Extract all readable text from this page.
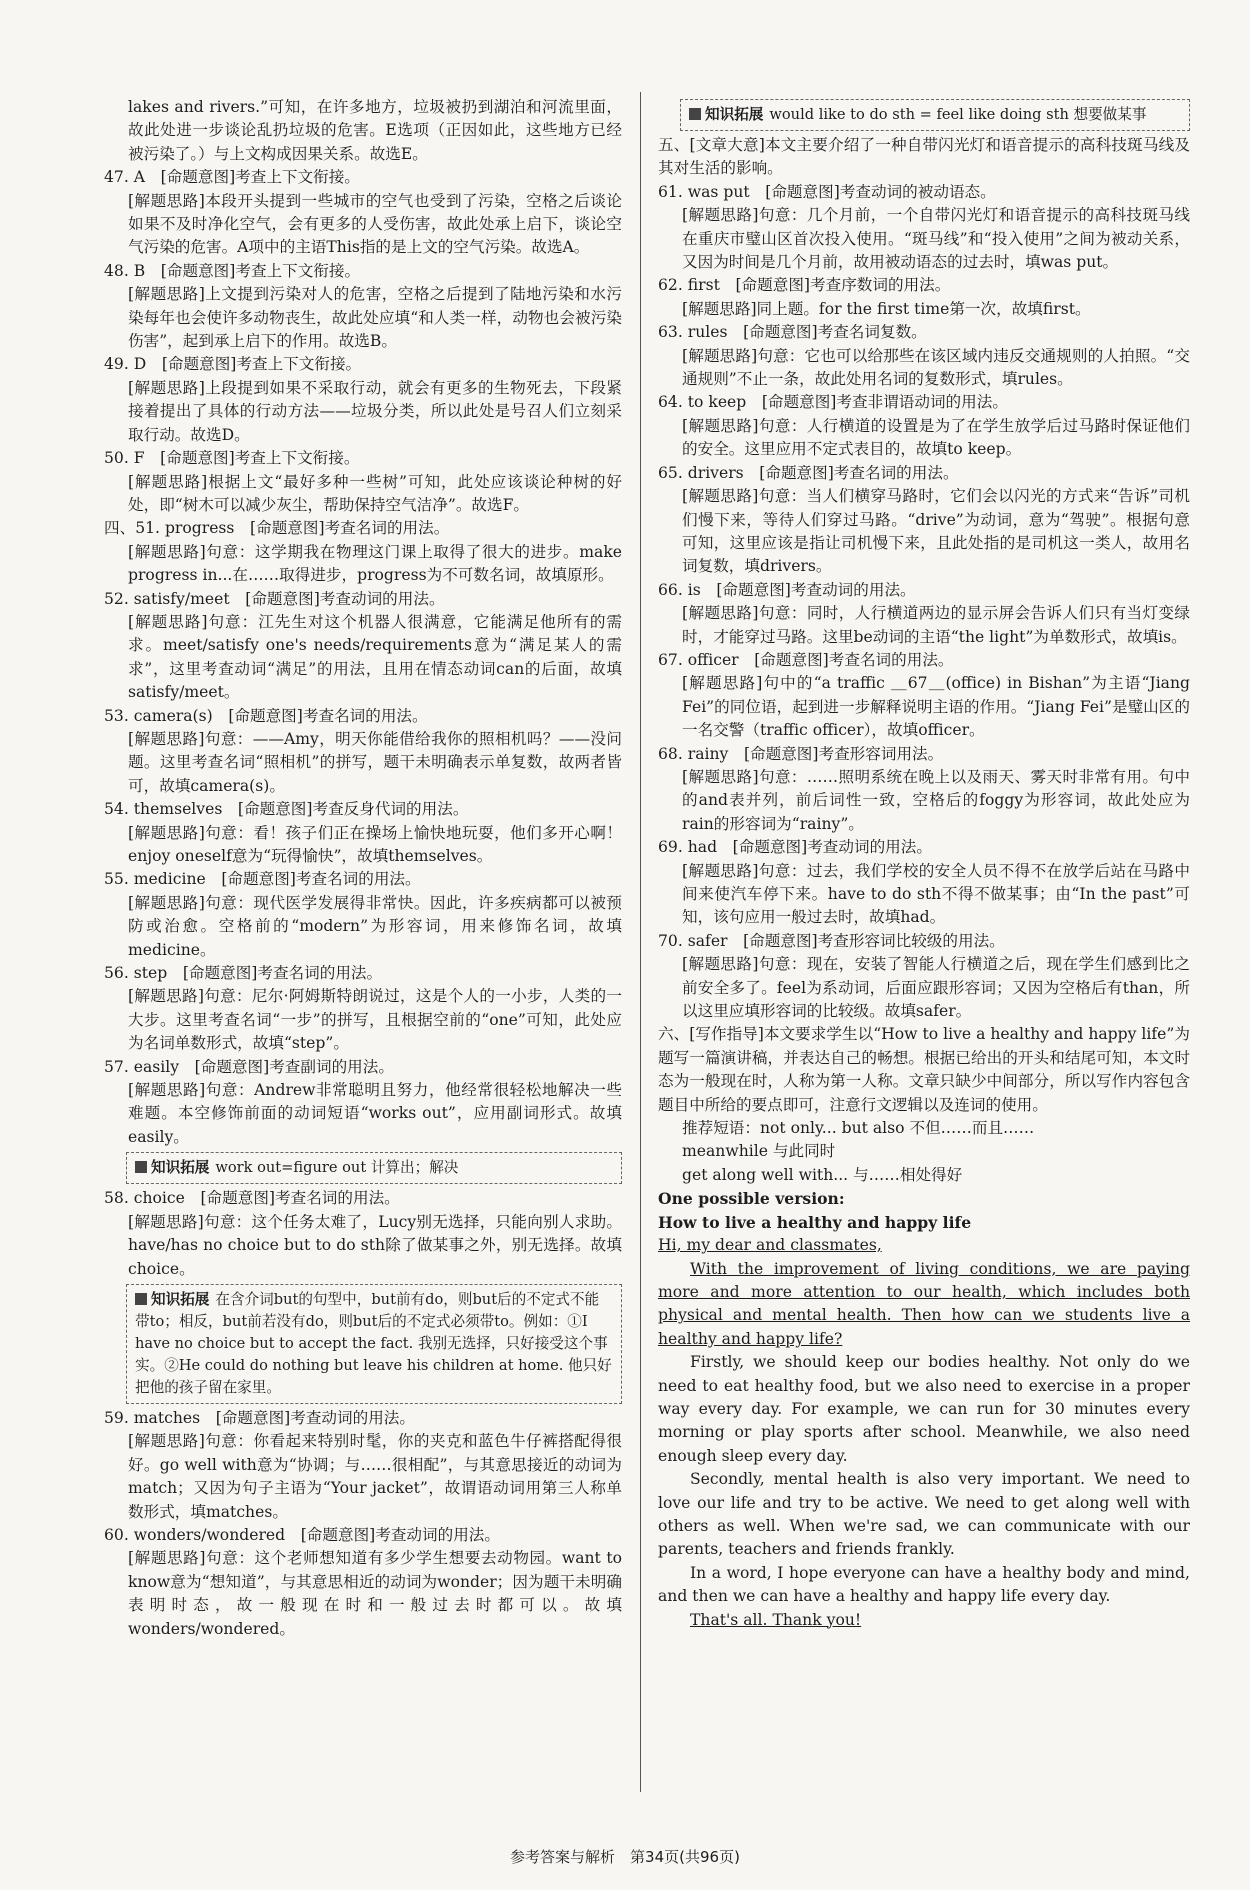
lakes and rivers.”可知，在许多地方，垃圾被扔到湖泊和河流里面，故此处进一步谈论乱扔垃圾的危害。E选项（正因如此，这些地方已经被污染了。）与上文构成因果关系。故选E。

47. A　[命题意图]考查上下文衔接。

[解题思路]本段开头提到一些城市的空气也受到了污染，空格之后谈论如果不及时净化空气，会有更多的人受伤害，故此处承上启下，谈论空气污染的危害。A项中的主语This指的是上文的空气污染。故选A。

48. B　[命题意图]考查上下文衔接。

[解题思路]上文提到污染对人的危害，空格之后提到了陆地污染和水污染每年也会使许多动物丧生，故此处应填“和人类一样，动物也会被污染伤害”，起到承上启下的作用。故选B。

49. D　[命题意图]考查上下文衔接。

[解题思路]上段提到如果不采取行动，就会有更多的生物死去，下段紧接着提出了具体的行动方法——垃圾分类，所以此处是号召人们立刻采取行动。故选D。

50. F　[命题意图]考查上下文衔接。

[解题思路]根据上文“最好多种一些树”可知，此处应该谈论种树的好处，即“树木可以减少灰尘，帮助保持空气洁净”。故选F。

四、51. progress　[命题意图]考查名词的用法。

[解题思路]句意：这学期我在物理这门课上取得了很大的进步。make progress in...在……取得进步，progress为不可数名词，故填原形。

52. satisfy/meet　[命题意图]考查动词的用法。

[解题思路]句意：江先生对这个机器人很满意，它能满足他所有的需求。meet/satisfy one's needs/requirements意为“满足某人的需求”，这里考查动词“满足”的用法，且用在情态动词can的后面，故填satisfy/meet。

53. camera(s)　[命题意图]考查名词的用法。

[解题思路]句意：——Amy，明天你能借给我你的照相机吗？——没问题。这里考查名词“照相机”的拼写，题干未明确表示单复数，故两者皆可，故填camera(s)。

54. themselves　[命题意图]考查反身代词的用法。

[解题思路]句意：看！孩子们正在操场上愉快地玩耍，他们多开心啊！enjoy oneself意为“玩得愉快”，故填themselves。

55. medicine　[命题意图]考查名词的用法。

[解题思路]句意：现代医学发展得非常快。因此，许多疾病都可以被预防或治愈。空格前的“modern”为形容词，用来修饰名词，故填medicine。

56. step　[命题意图]考查名词的用法。

[解题思路]句意：尼尔·阿姆斯特朗说过，这是个人的一小步，人类的一大步。这里考查名词“一步”的拼写，且根据空前的“one”可知，此处应为名词单数形式，故填“step”。

57. easily　[命题意图]考查副词的用法。

[解题思路]句意：Andrew非常聪明且努力，他经常很轻松地解决一些难题。本空修饰前面的动词短语“works out”，应用副词形式。故填easily。

知识拓展 work out=figure out 计算出；解决

58. choice　[命题意图]考查名词的用法。

[解题思路]句意：这个任务太难了，Lucy别无选择，只能向别人求助。have/has no choice but to do sth除了做某事之外，别无选择。故填choice。

知识拓展 在含介词but的句型中，but前有do，则but后的不定式不能带to；相反，but前若没有do，则but后的不定式必须带to。例如：①I have no choice but to accept the fact. 我别无选择，只好接受这个事实。②He could do nothing but leave his children at home. 他只好把他的孩子留在家里。

59. matches　[命题意图]考查动词的用法。

[解题思路]句意：你看起来特别时髦，你的夹克和蓝色牛仔裤搭配得很好。go well with意为“协调；与……很相配”，与其意思接近的动词为match；又因为句子主语为“Your jacket”，故谓语动词用第三人称单数形式，填matches。

60. wonders/wondered　[命题意图]考查动词的用法。

[解题思路]句意：这个老师想知道有多少学生想要去动物园。want to know意为“想知道”，与其意思相近的动词为wonder；因为题干未明确表明时态，故一般现在时和一般过去时都可以。故填wonders/wondered。

知识拓展 would like to do sth = feel like doing sth 想要做某事

五、[文章大意]本文主要介绍了一种自带闪光灯和语音提示的高科技斑马线及其对生活的影响。

61. was put　[命题意图]考查动词的被动语态。

[解题思路]句意：几个月前，一个自带闪光灯和语音提示的高科技斑马线在重庆市璧山区首次投入使用。“斑马线”和“投入使用”之间为被动关系，又因为时间是几个月前，故用被动语态的过去时，填was put。

62. first　[命题意图]考查序数词的用法。

[解题思路]同上题。for the first time第一次，故填first。

63. rules　[命题意图]考查名词复数。

[解题思路]句意：它也可以给那些在该区域内违反交通规则的人拍照。“交通规则”不止一条，故此处用名词的复数形式，填rules。

64. to keep　[命题意图]考查非谓语动词的用法。

[解题思路]句意：人行横道的设置是为了在学生放学后过马路时保证他们的安全。这里应用不定式表目的，故填to keep。

65. drivers　[命题意图]考查名词的用法。

[解题思路]句意：当人们横穿马路时，它们会以闪光的方式来“告诉”司机们慢下来，等待人们穿过马路。“drive”为动词，意为“驾驶”。根据句意可知，这里应该是指让司机慢下来，且此处指的是司机这一类人，故用名词复数，填drivers。

66. is　[命题意图]考查动词的用法。

[解题思路]句意：同时，人行横道两边的显示屏会告诉人们只有当灯变绿时，才能穿过马路。这里be动词的主语“the light”为单数形式，故填is。

67. officer　[命题意图]考查名词的用法。

[解题思路]句中的“a traffic ＿67＿(office) in Bishan”为主语“Jiang Fei”的同位语，起到进一步解释说明主语的作用。“Jiang Fei”是璧山区的一名交警（traffic officer），故填officer。

68. rainy　[命题意图]考查形容词用法。

[解题思路]句意：……照明系统在晚上以及雨天、雾天时非常有用。句中的and表并列，前后词性一致，空格后的foggy为形容词，故此处应为rain的形容词为“rainy”。

69. had　[命题意图]考查动词的用法。

[解题思路]句意：过去，我们学校的安全人员不得不在放学后站在马路中间来使汽车停下来。have to do sth不得不做某事；由“In the past”可知，该句应用一般过去时，故填had。

70. safer　[命题意图]考查形容词比较级的用法。

[解题思路]句意：现在，安装了智能人行横道之后，现在学生们感到比之前安全多了。feel为系动词，后面应跟形容词；又因为空格后有than，所以这里应填形容词的比较级。故填safer。

六、[写作指导]本文要求学生以“How to live a healthy and happy life”为题写一篇演讲稿，并表达自己的畅想。根据已给出的开头和结尾可知，本文时态为一般现在时，人称为第一人称。文章只缺少中间部分，所以写作内容包含题目中所给的要点即可，注意行文逻辑以及连词的使用。

推荐短语：not only... but also 不但……而且……

meanwhile 与此同时

get along well with... 与……相处得好

One possible version:

How to live a healthy and happy life

Hi, my dear and classmates,

With the improvement of living conditions, we are paying more and more attention to our health, which includes both physical and mental health. Then how can we students live a healthy and happy life?

Firstly, we should keep our bodies healthy. Not only do we need to eat healthy food, but we also need to exercise in a proper way every day. For example, we can run for 30 minutes every morning or play sports after school. Meanwhile, we also need enough sleep every day.

Secondly, mental health is also very important. We need to love our life and try to be active. We need to get along well with others as well. When we're sad, we can communicate with our parents, teachers and friends frankly.

In a word, I hope everyone can have a healthy body and mind, and then we can have a healthy and happy life every day.

That's all. Thank you!

参考答案与解析　第34页(共96页)
